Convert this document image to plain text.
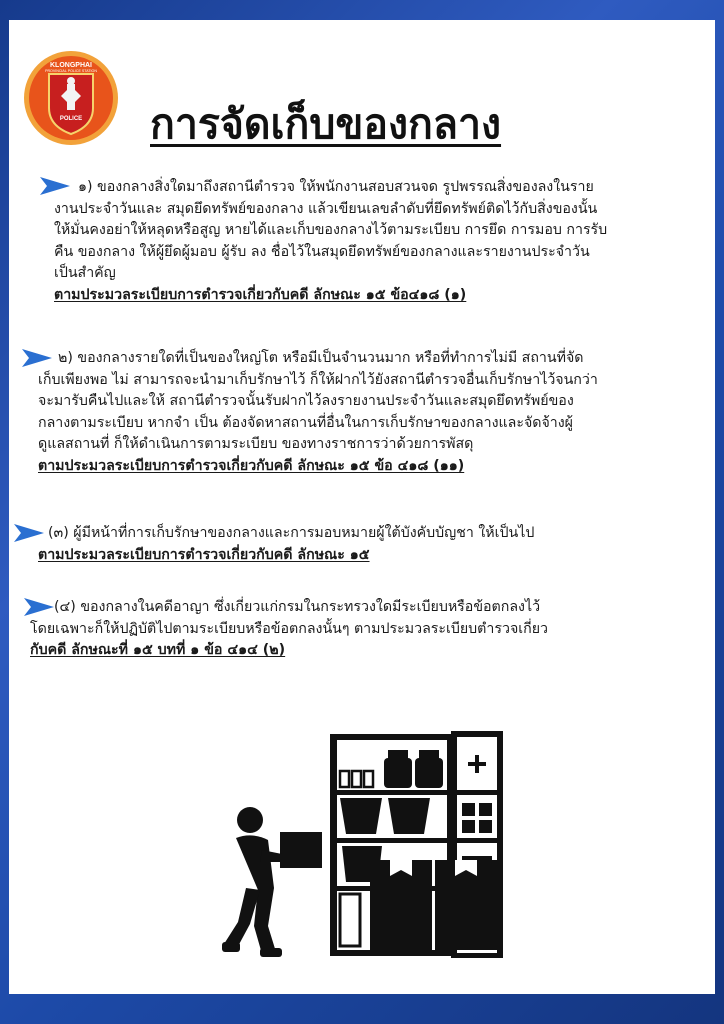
KLONGPHAI
PROVINCIAL POLICE STATION
POLICE การจัดเก็บของกลาง

๑) ของกลางสิ่งใดมาถึงสถานีตำรวจ ให้พนักงานสอบสวนจด รูปพรรณสิ่งของลงในราย

งานประจำวันและ สมุดยึดทรัพย์ของกลาง แล้วเขียนเลขลำดับที่ยึดทรัพย์ติดไว้กับสิ่งของนั้น

ให้มั่นคงอย่าให้หลุดหรือสูญ หายได้และเก็บของกลางไว้ตามระเบียบ การยึด การมอบ การรับ

คืน ของกลาง ให้ผู้ยึดผู้มอบ ผู้รับ ลง ชื่อไว้ในสมุดยึดทรัพย์ของกลางและรายงานประจำวัน

เป็นสำคัญ

ตามประมวลระเบียบการตำรวจเกี่ยวกับคดี ลักษณะ ๑๕ ข้อ๔๑๘ (๑)

๒) ของกลางรายใดที่เป็นของใหญ่โต หรือมีเป็นจำนวนมาก หรือที่ทำการไม่มี สถานที่จัด

เก็บเพียงพอ ไม่ สามารถจะนำมาเก็บรักษาไว้ ก็ให้ฝากไว้ยังสถานีตำรวจอื่นเก็บรักษาไว้จนกว่า

จะมารับคืนไปและให้ สถานีตำรวจนั้นรับฝากไว้ลงรายงานประจำวันและสมุดยึดทรัพย์ของ

กลางตามระเบียบ หากจำ เป็น ต้องจัดหาสถานที่อื่นในการเก็บรักษาของกลางและจัดจ้างผู้

ดูแลสถานที่ ก็ให้ดำเนินการตามระเบียบ ของทางราชการว่าด้วยการพัสดุ

ตามประมวลระเบียบการตำรวจเกี่ยวกับคดี ลักษณะ ๑๕ ข้อ ๔๑๘ (๑๑)

(๓) ผู้มีหน้าที่การเก็บรักษาของกลางและการมอบหมายผู้ใต้บังคับบัญชา ให้เป็นไป

ตามประมวลระเบียบการตำรวจเกี่ยวกับคดี ลักษณะ ๑๕

(๔) ของกลางในคดีอาญา ซึ่งเกี่ยวแก่กรมในกระทรวงใดมีระเบียบหรือข้อตกลงไว้

โดยเฉพาะก็ให้ปฏิบัติไปตามระเบียบหรือข้อตกลงนั้นๆ ตามประมวลระเบียบตำรวจเกี่ยว

กับคดี ลักษณะที่ ๑๕ บทที่ ๑ ข้อ ๔๑๔ (๒)
